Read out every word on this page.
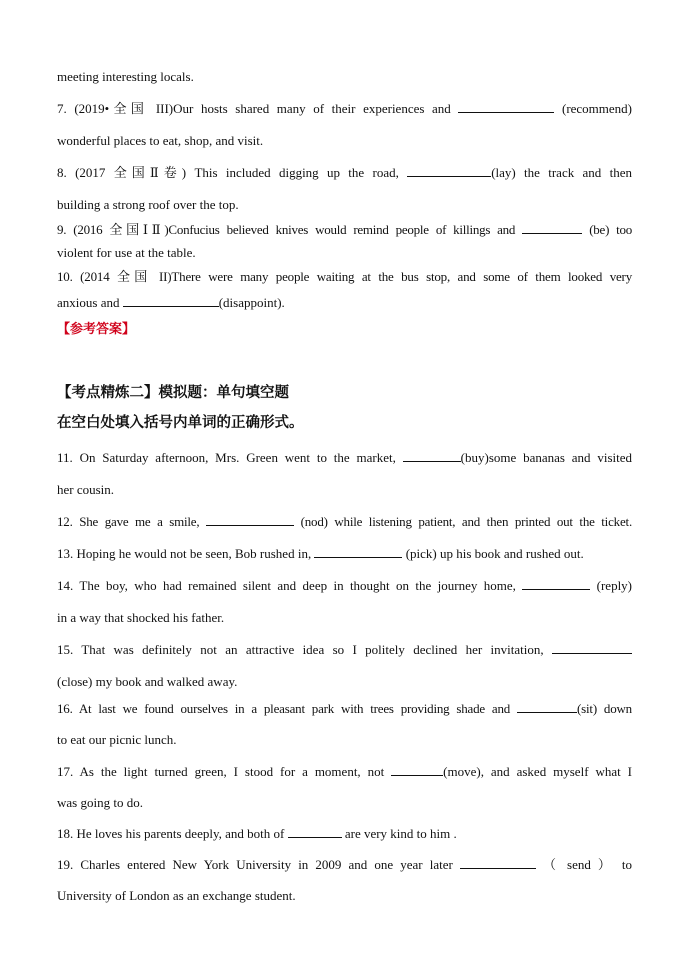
meeting interesting locals.
7. (2019•全国 III)Our hosts shared many of their experiences and	(recommend)
wonderful places to eat, shop, and visit.
8. (2017 全国Ⅱ卷) This included digging up the road,	(lay) the track and then
building a strong roof over the top.
9. (2016 全国ⅠⅡ)Confucius believed knives would remind people of killings and	(be) too
violent for use at the table.
10. (2014 全国 II)There were many people waiting at the bus stop, and some of them looked very
anxious and	(disappoint).
【参考答案】
【考点精炼二】模拟题：单句填空题
在空白处填入括号内单词的正确形式。
11. On Saturday afternoon, Mrs. Green went to the market,	(buy)some bananas and visited
her cousin.
12. She gave me a smile,	(nod) while listening patient, and then printed out the ticket.
13. Hoping he would not be seen, Bob rushed in,	(pick) up his book and rushed out.
14. The boy, who had remained silent and deep in thought on the journey home,	(reply)
in a way that shocked his father.
15. That was definitely not an attractive idea so I politely declined her invitation,
(close) my book and walked away.
16. At last we found ourselves in a pleasant park with trees providing shade and	(sit) down
to eat our picnic lunch.
17. As the light turned green, I stood for a moment, not	(move), and asked myself what I
was going to do.
18. He loves his parents deeply, and both of	are very kind to him .
19. Charles entered New York University in 2009 and one year later	（ send ） to
University of London as an exchange student.
